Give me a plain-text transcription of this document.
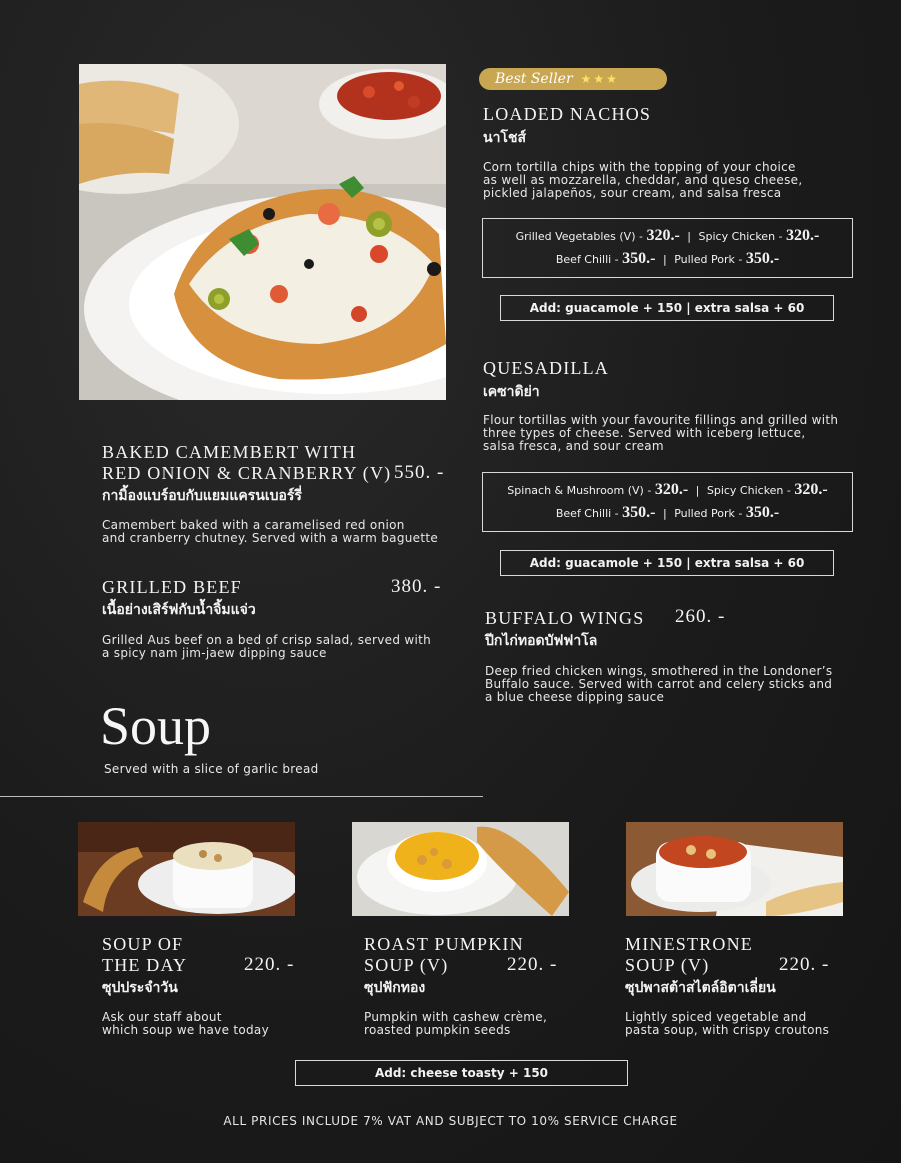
Best Seller ★★★
LOADED NACHOS
นาโชส์
Corn tortilla chips with the topping of your choice
as well as mozzarella, cheddar, and queso cheese,
pickled jalapeños, sour cream, and salsa fresca
Grilled Vegetables (V) - 320.- | Spicy Chicken - 320.-
Beef Chilli - 350.- | Pulled Pork - 350.-
Add: guacamole + 150 | extra salsa + 60
QUESADILLA
เคซาดิย่า
Flour tortillas with your favourite fillings and grilled with
three types of cheese. Served with iceberg lettuce,
salsa fresca, and sour cream
Spinach & Mushroom (V) - 320.- | Spicy Chicken - 320.-
Beef Chilli - 350.- | Pulled Pork - 350.-
Add: guacamole + 150 | extra salsa + 60
BUFFALO WINGS 260. -
ปีกไก่ทอดบัฟฟาโล
Deep fried chicken wings, smothered in the Londoner’s
Buffalo sauce. Served with carrot and celery sticks and
a blue cheese dipping sauce
BAKED CAMEMBERT WITH
RED ONION & CRANBERRY (V) 550. -
กามิ้องแบร์อบกับแยมแครนเบอร์รี่
Camembert baked with a caramelised red onion
and cranberry chutney. Served with a warm baguette
GRILLED BEEF	380. -
เนื้อย่างเสิร์ฟกับน้ำจิ้มแจ่ว
Grilled Aus beef on a bed of crisp salad, served with
a spicy nam jim-jaew dipping sauce
Soup
Served with a slice of garlic bread
SOUP OF
THE DAY	220. -
ซุปประจำวัน
Ask our staff about
which soup we have today
ROAST PUMPKIN
SOUP (V)	220. -
ซุปฟักทอง
Pumpkin with cashew crème,
roasted pumpkin seeds
MINESTRONE
SOUP (V)	220. -
ซุปพาสต้าสไตล์อิตาเลี่ยน
Lightly spiced vegetable and
pasta soup, with crispy croutons
Add: cheese toasty + 150
ALL PRICES INCLUDE 7% VAT AND SUBJECT TO 10% SERVICE CHARGE
